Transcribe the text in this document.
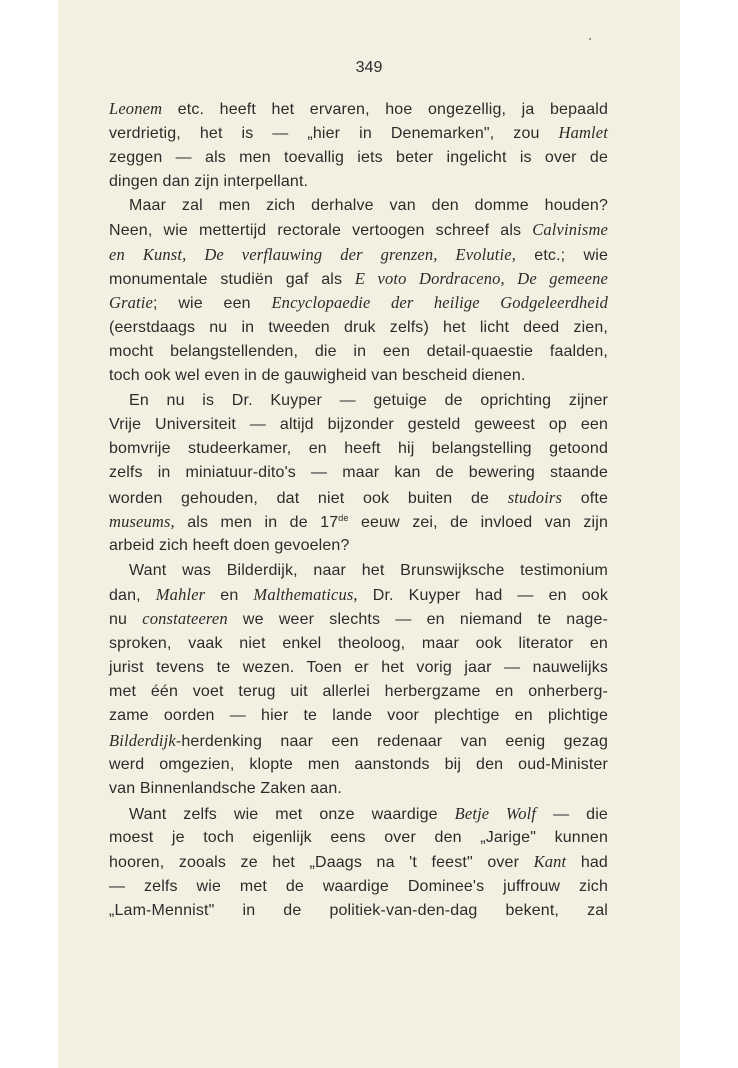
349
Leonem etc. heeft het ervaren, hoe ongezellig, ja bepaald
verdrietig, het is — „hier in Denemarken", zou Hamlet
zeggen — als men toevallig iets beter ingelicht is over de
dingen dan zijn interpellant.
Maar zal men zich derhalve van den domme houden?
Neen, wie mettertijd rectorale vertoogen schreef als Calvinisme
en Kunst, De verflauwing der grenzen, Evolutie, etc.; wie
monumentale studiën gaf als E voto Dordraceno, De gemeene
Gratie; wie een Encyclopaedie der heilige Godgeleerdheid
(eerstdaags nu in tweeden druk zelfs) het licht deed zien,
mocht belangstellenden, die in een detail-quaestie faalden,
toch ook wel even in de gauwigheid van bescheid dienen.
En nu is Dr. Kuyper — getuige de oprichting zijner
Vrije Universiteit — altijd bijzonder gesteld geweest op een
bomvrije studeerkamer, en heeft hij belangstelling getoond
zelfs in miniatuur-dito's — maar kan de bewering staande
worden gehouden, dat niet ook buiten de studoirs ofte
museums, als men in de 17de eeuw zei, de invloed van zijn
arbeid zich heeft doen gevoelen?
Want was Bilderdijk, naar het Brunswijksche testimonium
dan, Mahler en Malthematicus, Dr. Kuyper had — en ook
nu constateeren we weer slechts — en niemand te nage-
sproken, vaak niet enkel theoloog, maar ook literator en
jurist tevens te wezen. Toen er het vorig jaar — nauwelijks
met één voet terug uit allerlei herbergzame en onherberg-
zame oorden — hier te lande voor plechtige en plichtige
Bilderdijk-herdenking naar een redenaar van eenig gezag
werd omgezien, klopte men aanstonds bij den oud-Minister
van Binnenlandsche Zaken aan.
Want zelfs wie met onze waardige Betje Wolf — die
moest je toch eigenlijk eens over den „Jarige" kunnen
hooren, zooals ze het „Daags na 't feest" over Kant had
— zelfs wie met de waardige Dominee's juffrouw zich
„Lam-Mennist" in de politiek-van-den-dag bekent, zal
